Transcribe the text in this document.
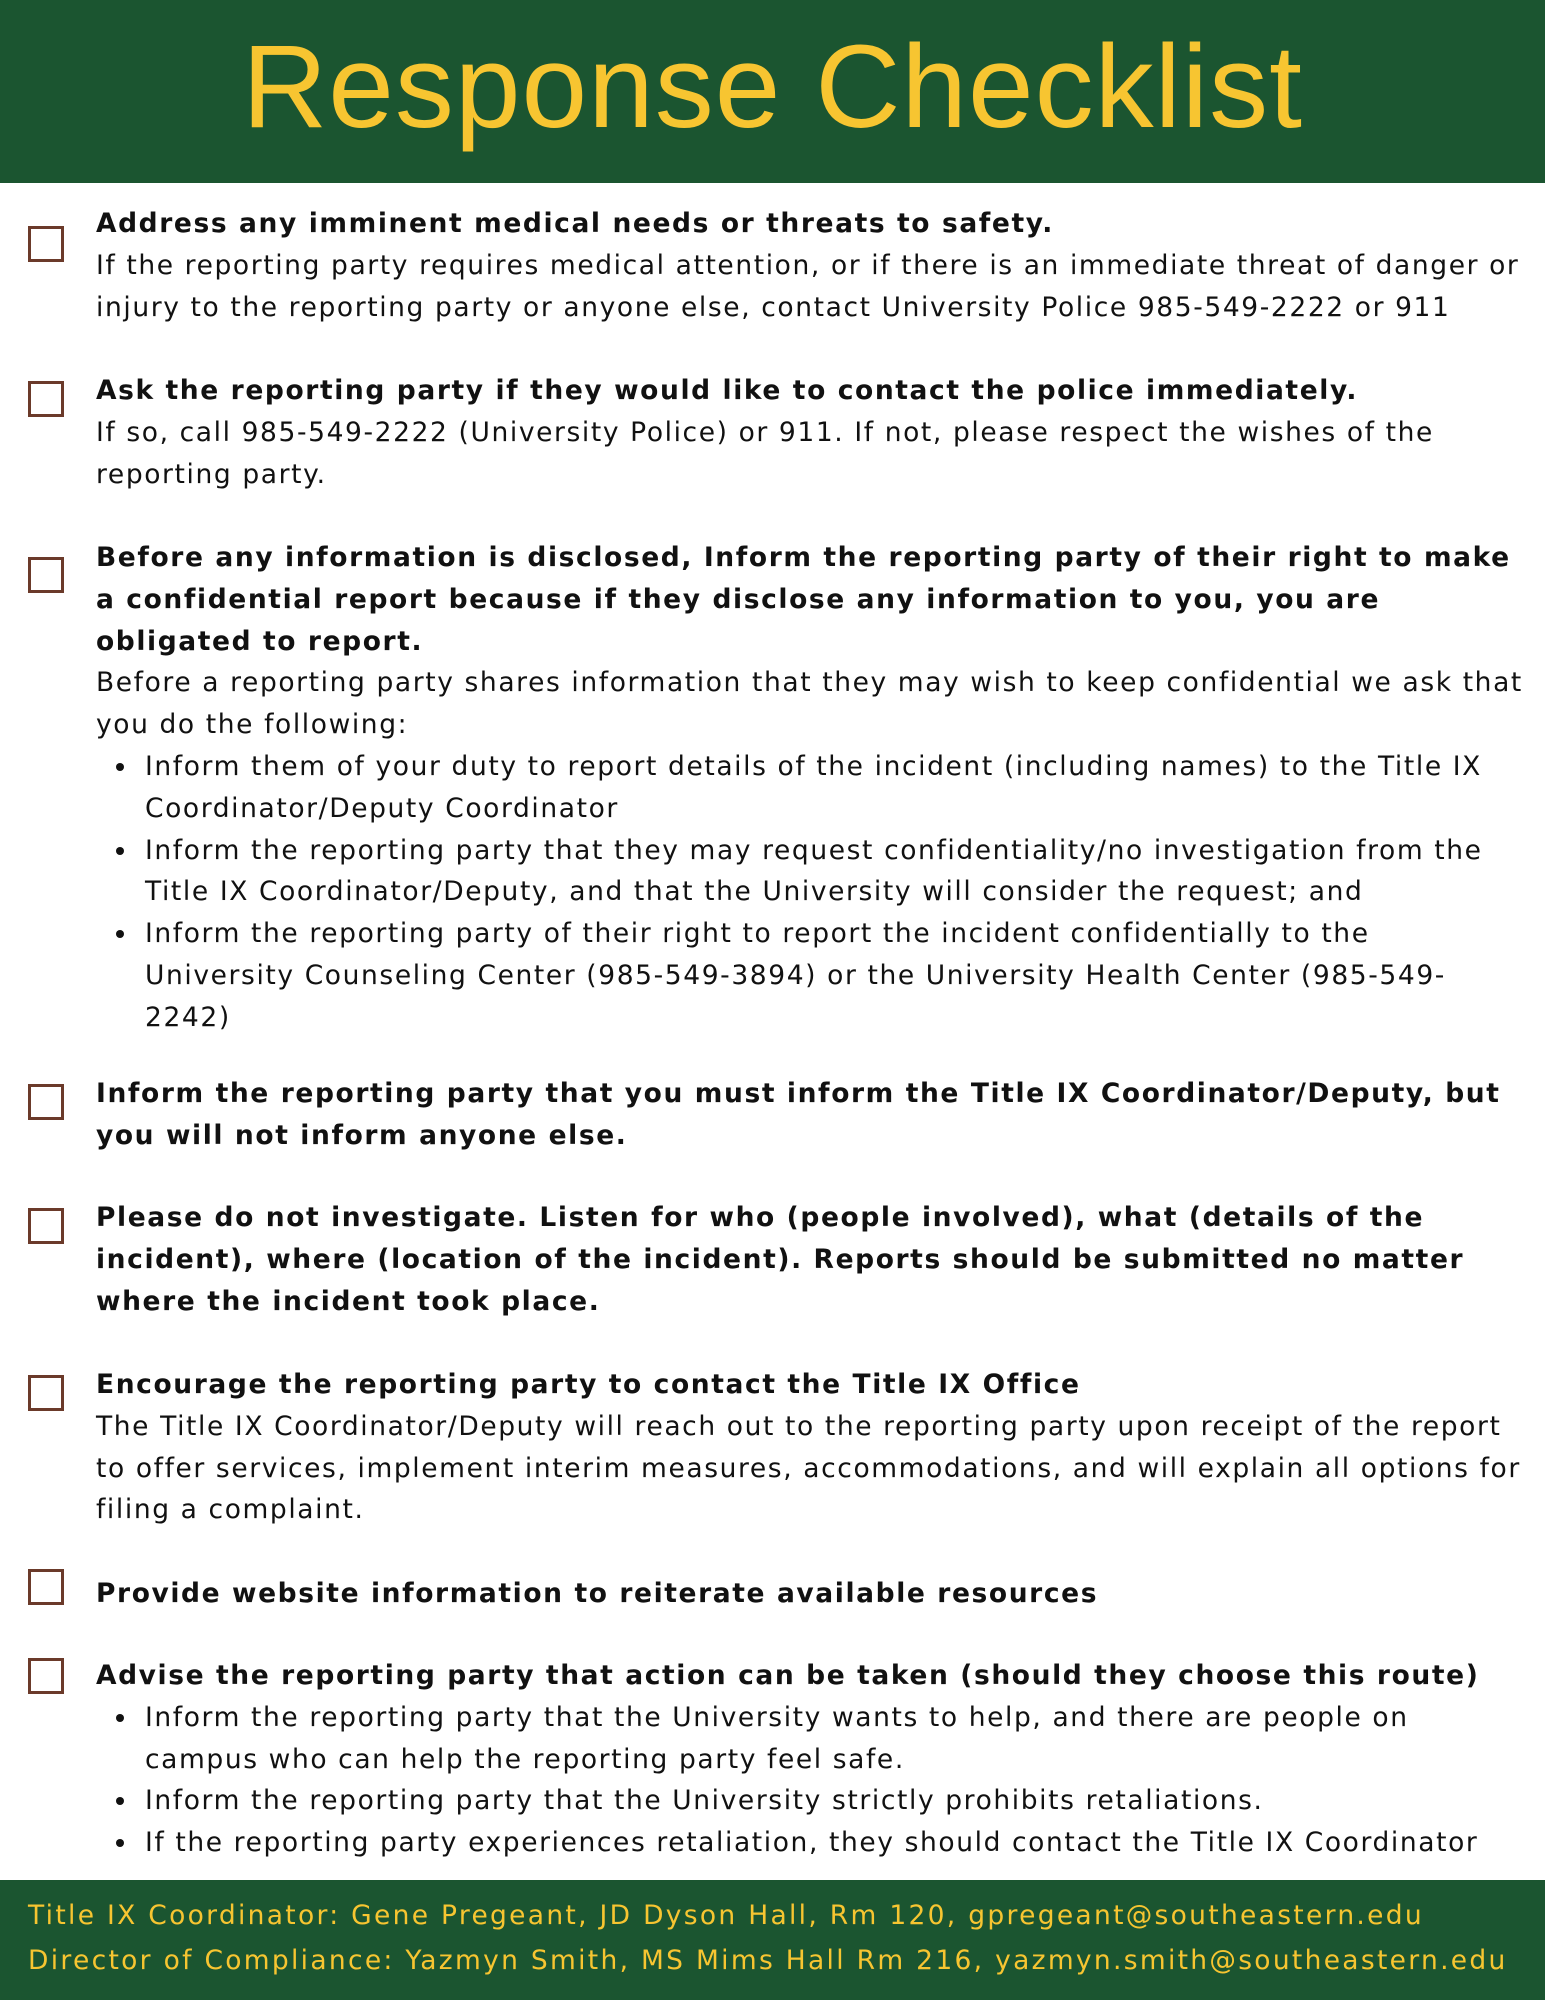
Response Checklist
Address any imminent medical needs or threats to safety.
If the reporting party requires medical attention, or if there is an immediate threat of danger or injury to the reporting party or anyone else, contact University Police 985-549-2222 or 911
Ask the reporting party if they would like to contact the police immediately.
If so, call 985-549-2222 (University Police) or 911. If not, please respect the wishes of the reporting party.
Before any information is disclosed, Inform the reporting party of their right to make a confidential report because if they disclose any information to you, you are obligated to report.
Before a reporting party shares information that they may wish to keep confidential we ask that you do the following:
Inform them of your duty to report details of the incident (including names) to the Title IX Coordinator/Deputy Coordinator
Inform the reporting party that they may request confidentiality/no investigation from the Title IX Coordinator/Deputy, and that the University will consider the request; and
Inform the reporting party of their right to report the incident confidentially to the University Counseling Center (985-549-3894) or the University Health Center (985-549-2242)
Inform the reporting party that you must inform the Title IX Coordinator/Deputy, but you will not inform anyone else.
Please do not investigate. Listen for who (people involved), what (details of the incident), where (location of the incident). Reports should be submitted no matter where the incident took place.
Encourage the reporting party to contact the Title IX Office
The Title IX Coordinator/Deputy will reach out to the reporting party upon receipt of the report to offer services, implement interim measures, accommodations, and will explain all options for filing a complaint.
Provide website information to reiterate available resources
Advise the reporting party that action can be taken (should they choose this route)
Inform the reporting party that the University wants to help, and there are people on campus who can help the reporting party feel safe.
Inform the reporting party that the University strictly prohibits retaliations.
If the reporting party experiences retaliation, they should contact the Title IX Coordinator
Title IX Coordinator: Gene Pregeant, JD Dyson Hall, Rm 120, gpregeant@southeastern.edu
Director of Compliance: Yazmyn Smith, MS Mims Hall Rm 216, yazmyn.smith@southeastern.edu
